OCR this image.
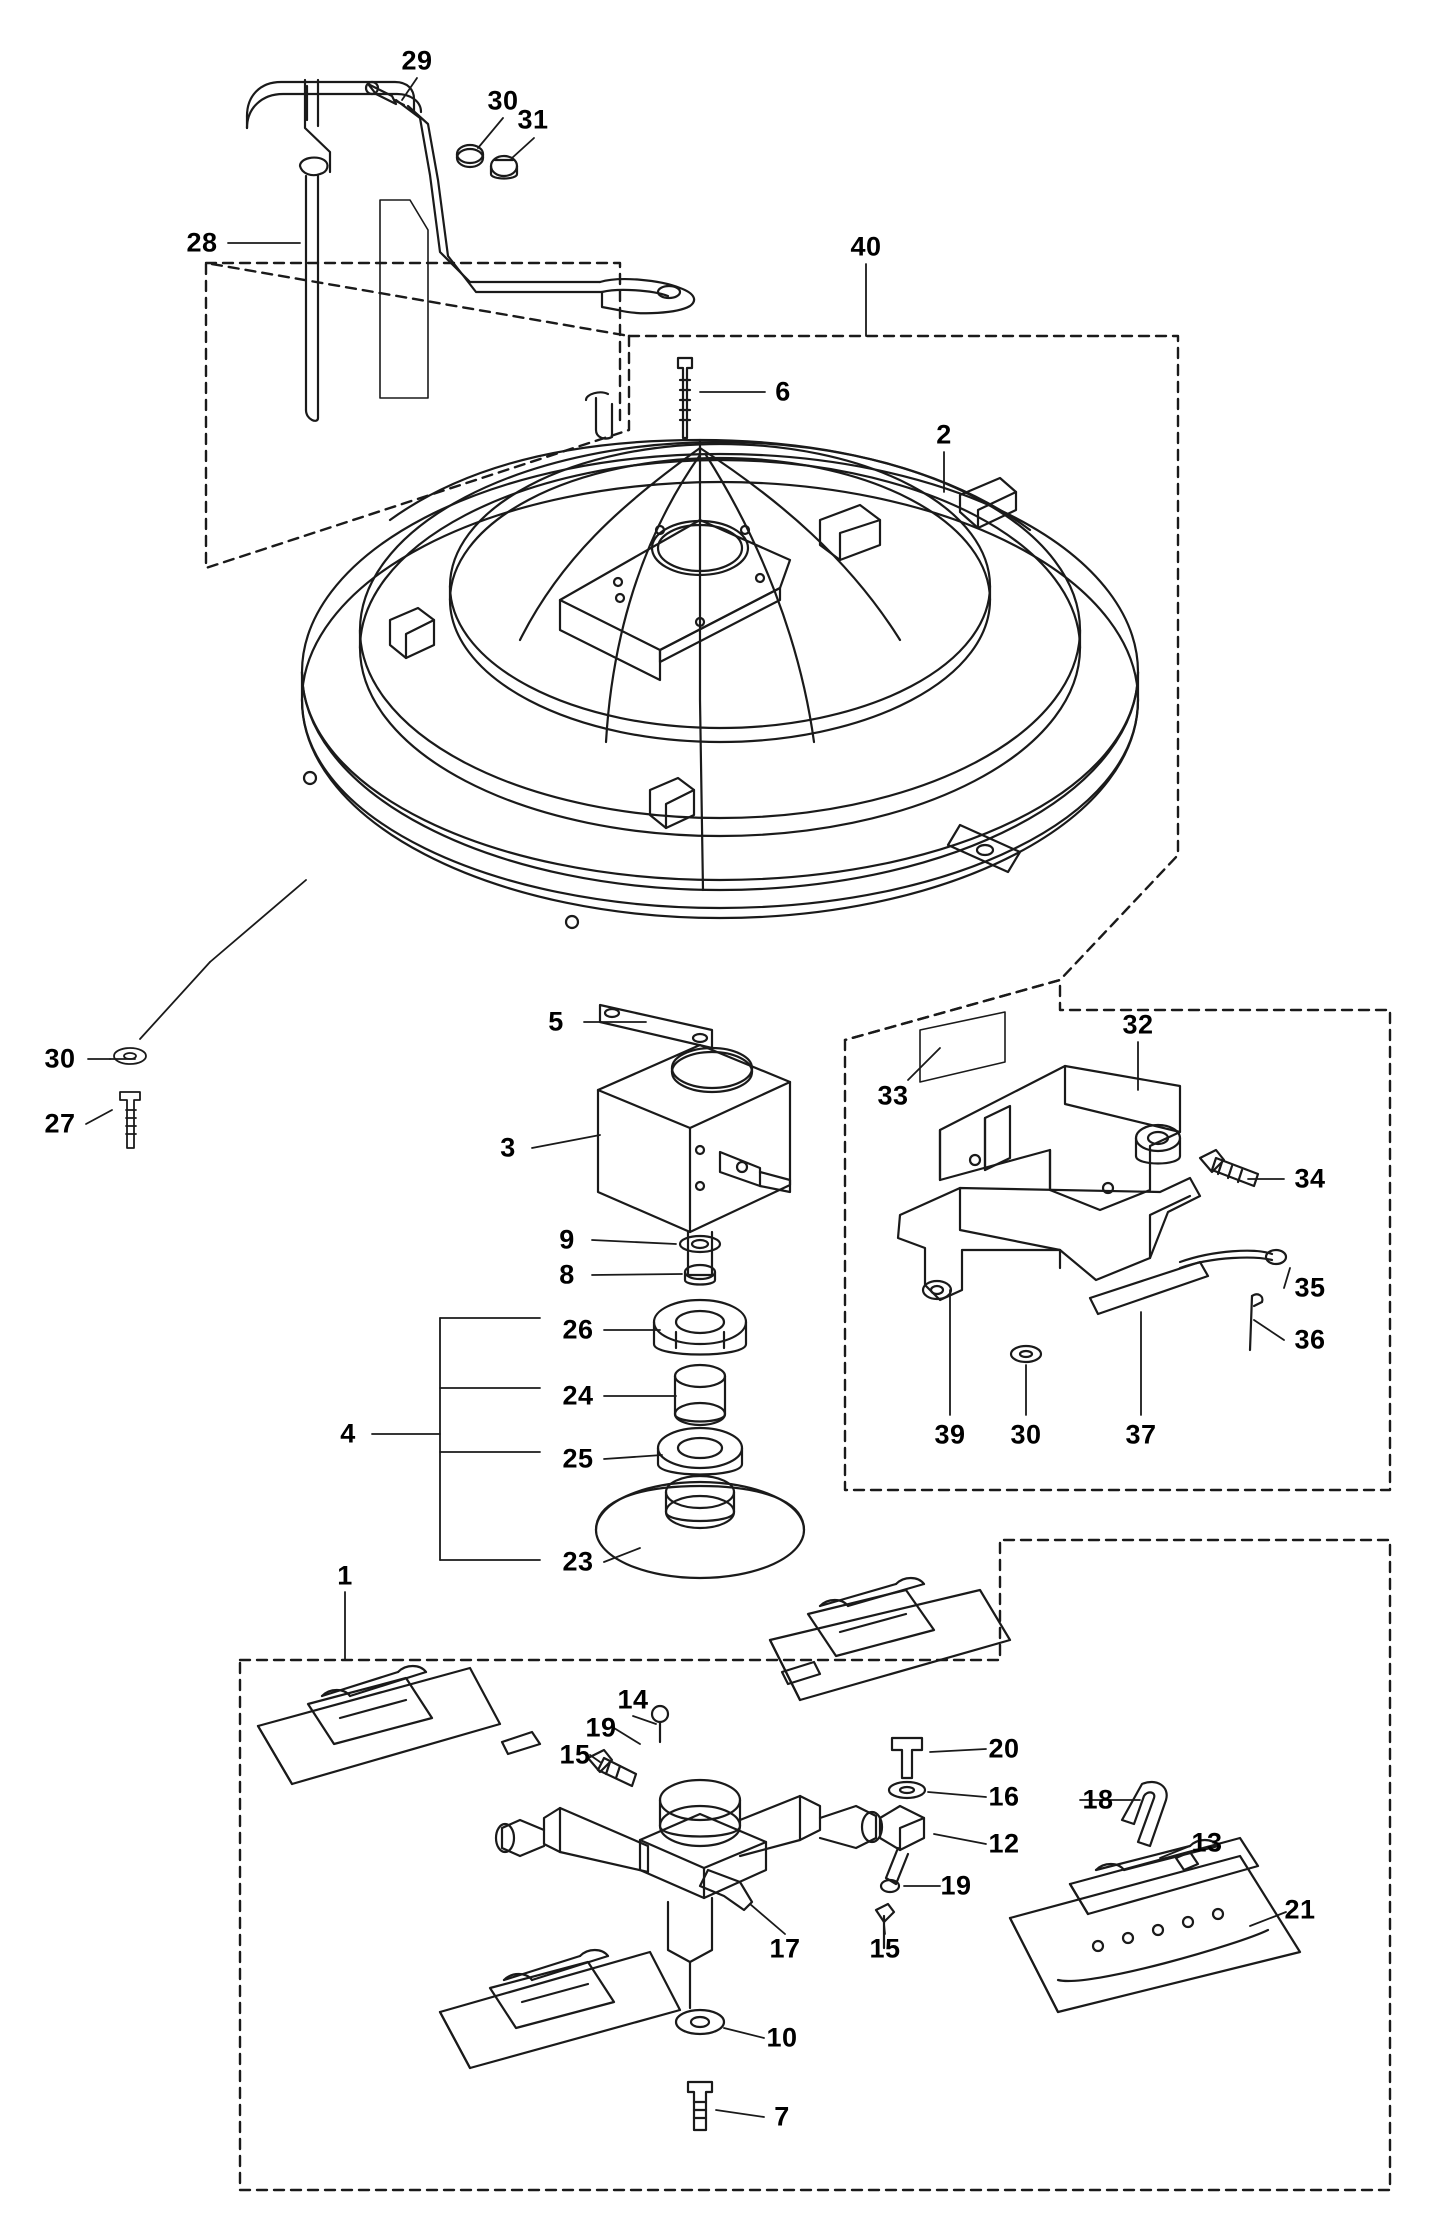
29
30
31
28	40
6
2
5
33
32
3
34
30
27
9
8
26
35
24
36
4
25
39 30	37
23
1
14
19
15	20
16 18
12	13
19
21
17	15
10
7
